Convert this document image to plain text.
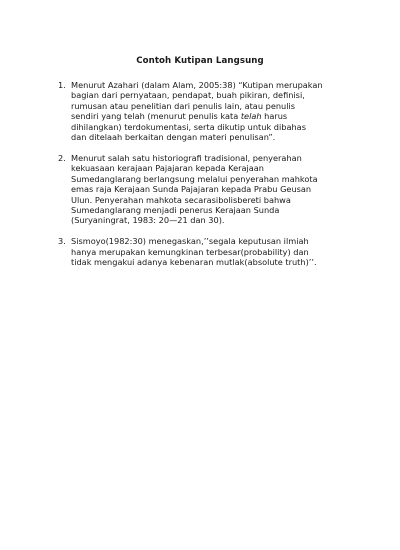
Contoh Kutipan Langsung
1. Menurut Azahari (dalam Alam, 2005:38) “Kutipan merupakan
bagian dari pernyataan, pendapat, buah pikiran, definisi,
rumusan atau penelitian dari penulis lain, atau penulis
sendiri yang telah (menurut penulis kata telah harus
dihilangkan) terdokumentasi, serta dikutip untuk dibahas
dan ditelaah berkaitan dengan materi penulisan”.
2. Menurut salah satu historiografi tradisional, penyerahan
kekuasaan kerajaan Pajajaran kepada Kerajaan
Sumedanglarang berlangsung melalui penyerahan mahkota
emas raja Kerajaan Sunda Pajajaran kepada Prabu Geusan
Ulun. Penyerahan mahkota secarasibolisbereti bahwa
Sumedanglarang menjadi penerus Kerajaan Sunda
(Suryaningrat, 1983: 20—21 dan 30).
3. Sismoyo(1982:30) menegaskan,’’segala keputusan ilmiah
hanya merupakan kemungkinan terbesar(probability) dan
tidak mengakui adanya kebenaran mutlak(absolute truth)’’.
